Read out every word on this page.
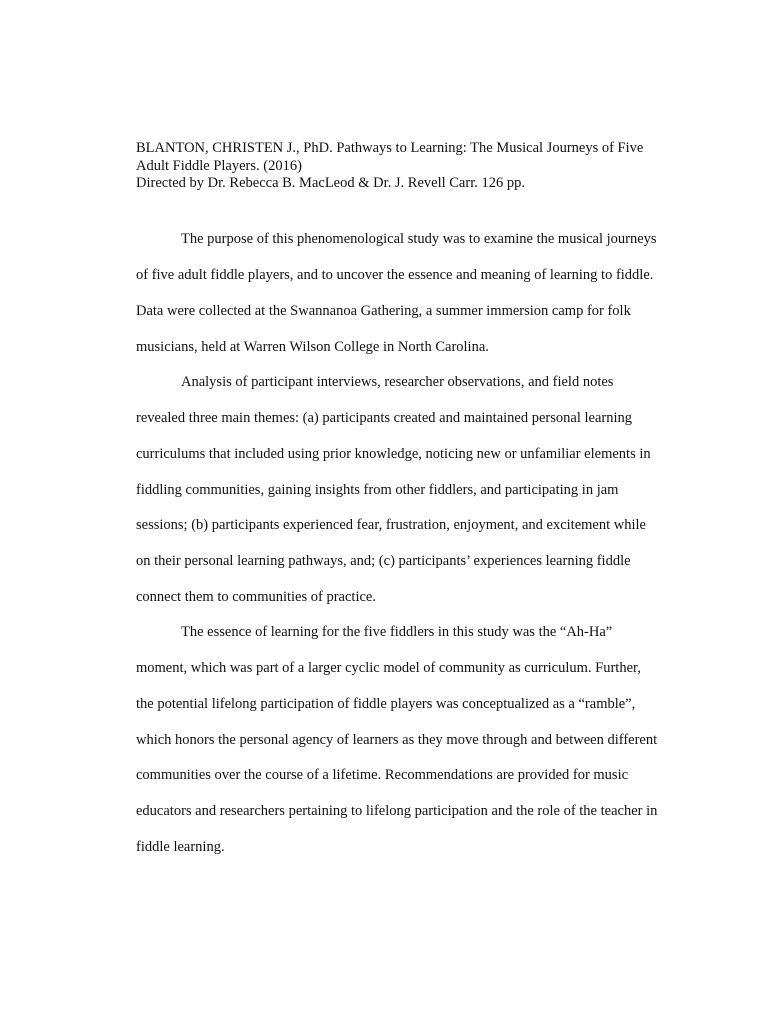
BLANTON, CHRISTEN J., PhD. Pathways to Learning: The Musical Journeys of Five
Adult Fiddle Players. (2016)
Directed by Dr. Rebecca B. MacLeod & Dr. J. Revell Carr. 126 pp.
The purpose of this phenomenological study was to examine the musical journeys
of five adult fiddle players, and to uncover the essence and meaning of learning to fiddle.
Data were collected at the Swannanoa Gathering, a summer immersion camp for folk
musicians, held at Warren Wilson College in North Carolina.
Analysis of participant interviews, researcher observations, and field notes
revealed three main themes: (a) participants created and maintained personal learning
curriculums that included using prior knowledge, noticing new or unfamiliar elements in
fiddling communities, gaining insights from other fiddlers, and participating in jam
sessions; (b) participants experienced fear, frustration, enjoyment, and excitement while
on their personal learning pathways, and; (c) participants’ experiences learning fiddle
connect them to communities of practice.
The essence of learning for the five fiddlers in this study was the “Ah-Ha”
moment, which was part of a larger cyclic model of community as curriculum. Further,
the potential lifelong participation of fiddle players was conceptualized as a “ramble”,
which honors the personal agency of learners as they move through and between different
communities over the course of a lifetime. Recommendations are provided for music
educators and researchers pertaining to lifelong participation and the role of the teacher in
fiddle learning.
